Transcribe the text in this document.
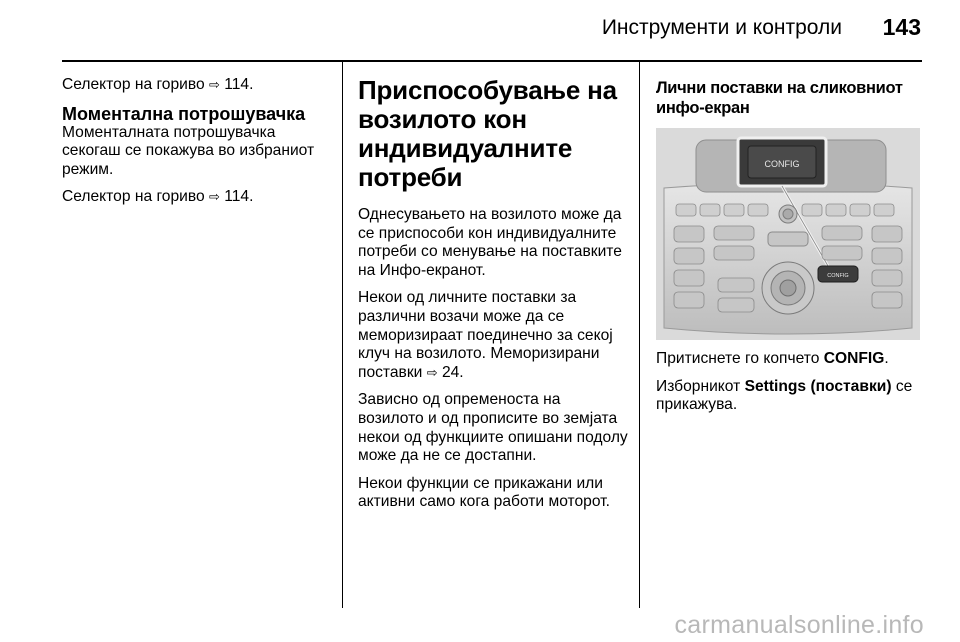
Инструменти и контроли 143

Селектор на гориво ⇨ 114.

Моментална потрошувачка

Моменталната потрошувачка секогаш се покажува во избраниот режим.

Селектор на гориво ⇨ 114.

Приспособување на возилото кон индивидуалните потреби

Однесувањето на возилото може да се приспособи кон индивидуалните потреби со менување на поставките на Инфо-екранот.

Некои од личните поставки за различни возачи може да се меморизираат поединечно за секој клуч на возилото. Меморизирани поставки ⇨ 24.

Зависно од опременоста на возилото и од прописите во земјата некои од функциите опишани подолу може да не се достапни.

Некои функции се прикажани или активни само кога работи моторот.

Лични поставки на сликовниот инфо-екран
CONFIG
CONFIG

Притиснете го копчето CONFIG.

Изборникот Settings (поставки) се прикажува.

carmanualsonline.info
